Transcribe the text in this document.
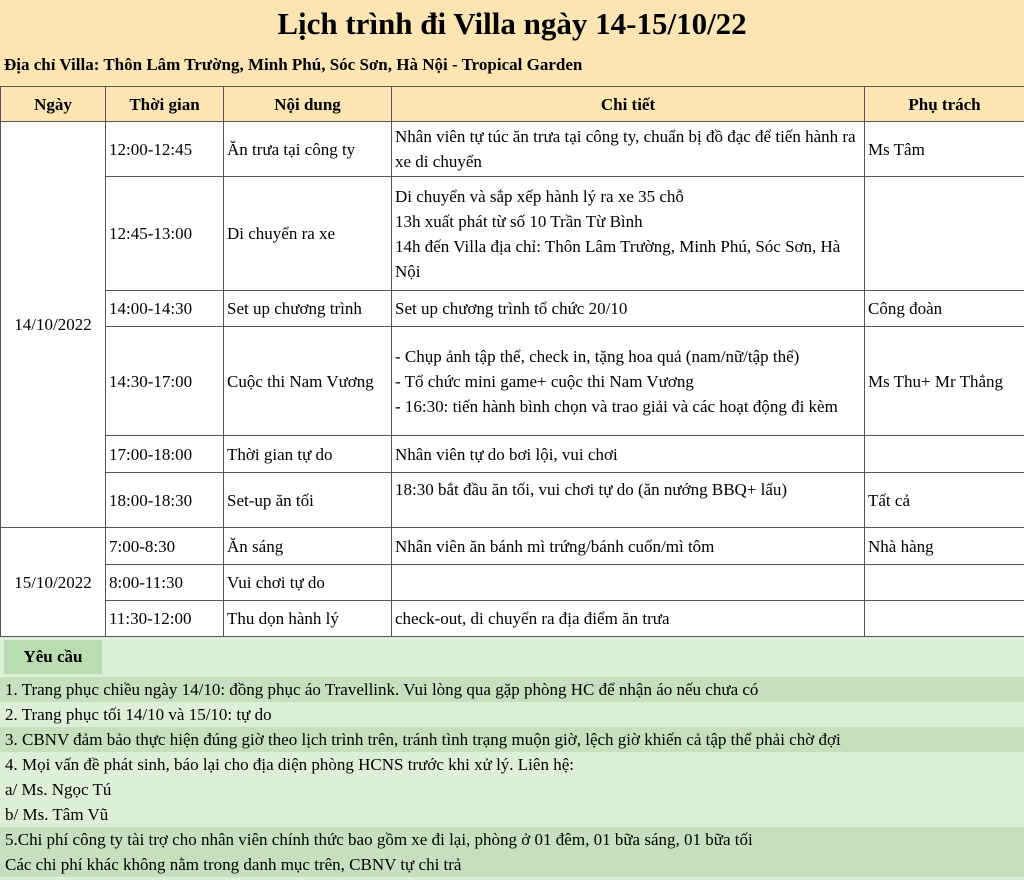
Lịch trình đi Villa ngày 14-15/10/22
Địa chỉ Villa: Thôn Lâm Trường, Minh Phú, Sóc Sơn, Hà Nội - Tropical Garden
Ngày	Thời gian	Nội dung	Chi tiết	Phụ trách
14/10/2022	12:00-12:45	Ăn trưa tại công ty	Nhân viên tự túc ăn trưa tại công ty, chuẩn bị đồ đạc để tiến hành ra xe di chuyển	Ms Tâm
	12:45-13:00	Di chuyển ra xe	Di chuyển và sắp xếp hành lý ra xe 35 chỗ
13h xuất phát từ số 10 Trần Từ Bình
14h đến Villa địa chỉ: Thôn Lâm Trường, Minh Phú, Sóc Sơn, Hà Nội	

	14:00-14:30	Set up chương trình	Set up chương trình tổ chức 20/10	Công đoàn
	14:30-17:00	Cuộc thi Nam Vương	- Chụp ảnh tập thể, check in, tặng hoa quả (nam/nữ/tập thể)
- Tổ chức mini game+ cuộc thi Nam Vương
- 16:30: tiến hành bình chọn và trao giải và các hoạt động đi kèm	Ms Thu+ Mr Thắng
	17:00-18:00	Thời gian tự do	Nhân viên tự do bơi lội, vui chơi	

	18:00-18:30	Set-up ăn tối	18:30 bắt đầu ăn tối, vui chơi tự do (ăn nướng BBQ+ lẩu)	Tất cả
15/10/2022	7:00-8:30	Ăn sáng	Nhân viên ăn bánh mì trứng/bánh cuốn/mì tôm	Nhà hàng
	8:00-11:30	Vui chơi tự do	

	11:30-12:00	Thu dọn hành lý	check-out, di chuyển ra địa điểm ăn trưa	

Yêu cầu
1. Trang phục chiều ngày 14/10: đồng phục áo Travellink. Vui lòng qua gặp phòng HC để nhận áo nếu chưa có
2. Trang phục tối 14/10 và 15/10: tự do
3. CBNV đảm bảo thực hiện đúng giờ theo lịch trình trên, tránh tình trạng muộn giờ, lệch giờ khiến cả tập thể phải chờ đợi
4. Mọi vấn đề phát sinh, báo lại cho địa diện phòng HCNS trước khi xử lý. Liên hệ:
a/ Ms. Ngọc Tú
b/ Ms. Tâm Vũ
5.Chi phí công ty tài trợ cho nhân viên chính thức bao gồm xe đi lại, phòng ở 01 đêm, 01 bữa sáng, 01 bữa tối
Các chi phí khác không nằm trong danh mục trên, CBNV tự chi trả
